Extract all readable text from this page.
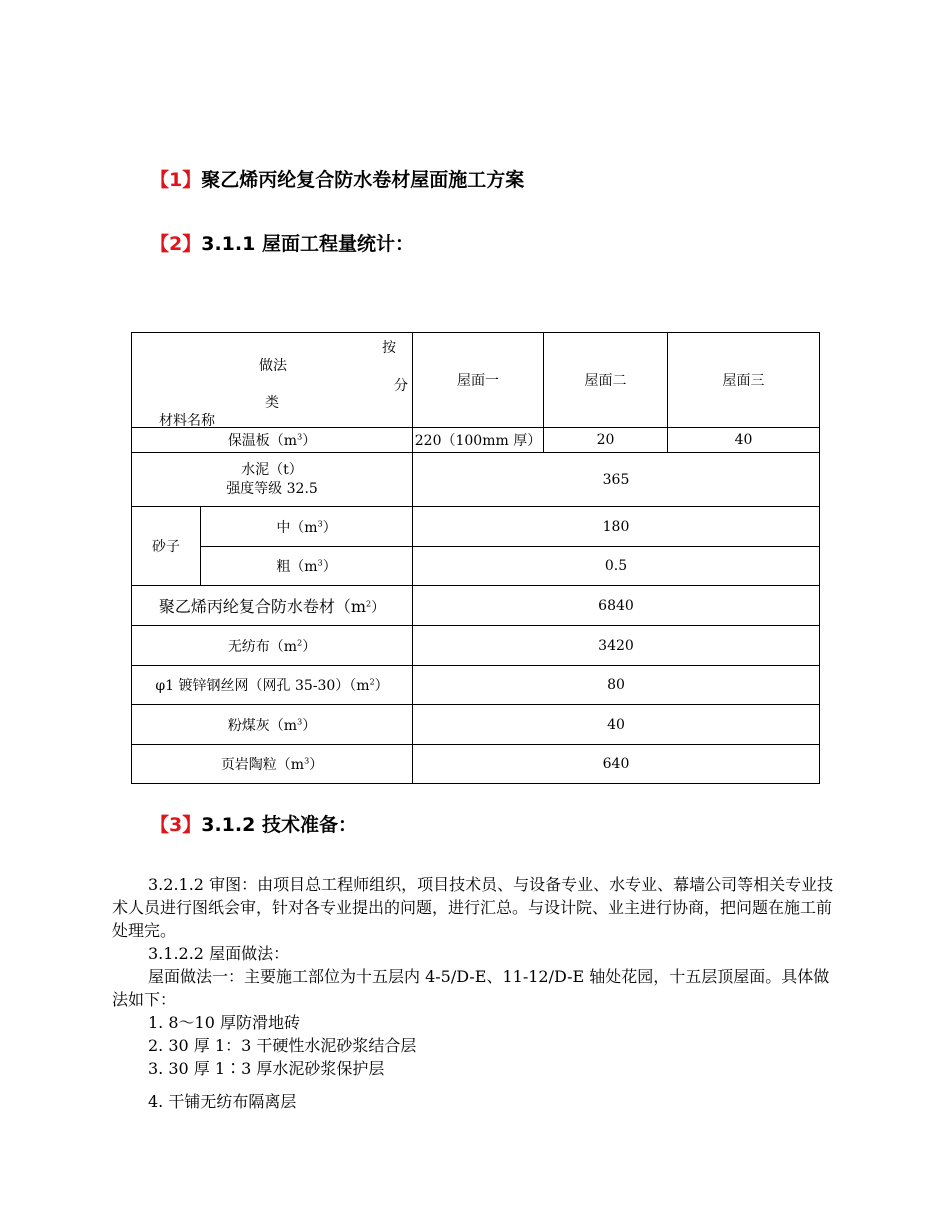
【1】聚乙烯丙纶复合防水卷材屋面施工方案
【2】3.1.1 屋面工程量统计：
按
做法
分
类
材料名称		屋面一	屋面二	屋面三
保温板$(m^3)$		220（100mm 厚）	20	40

水泥（t）
强度等级 32.5		365		
砂子	中$(m^3)$	180		
	粗$(m^3)$	0.5		
聚乙烯丙纶复合防水卷材$(m^2)$		6840		
无纺布$(m^2)$		3420		
φ1 镀锌钢丝网（网孔 $35-30)(m^2)$		80		
粉煤灰$(m^3)$		40		
页岩陶粒$(m^3)$		640		
【3】3.1.2 技术准备：

3.2.1.2 审图：由项目总工程师组织，项目技术员、与设备专业、水专业、幕墙公司等相关专业技术人员进行图纸会审，针对各专业提出的问题，进行汇总。与设计院、业主进行协商，把问题在施工前处理完。

3.1.2.2 屋面做法：

屋面做法一：主要施工部位为十五层内 4-5/D-E、11-12/D-E 轴处花园，十五层顶屋面。具体做法如下：

1. 8～10 厚防滑地砖

2. 30 厚 1：3 干硬性水泥砂浆结合层

3. 30 厚 1∶3 厚水泥砂浆保护层

4. 干铺无纺布隔离层
